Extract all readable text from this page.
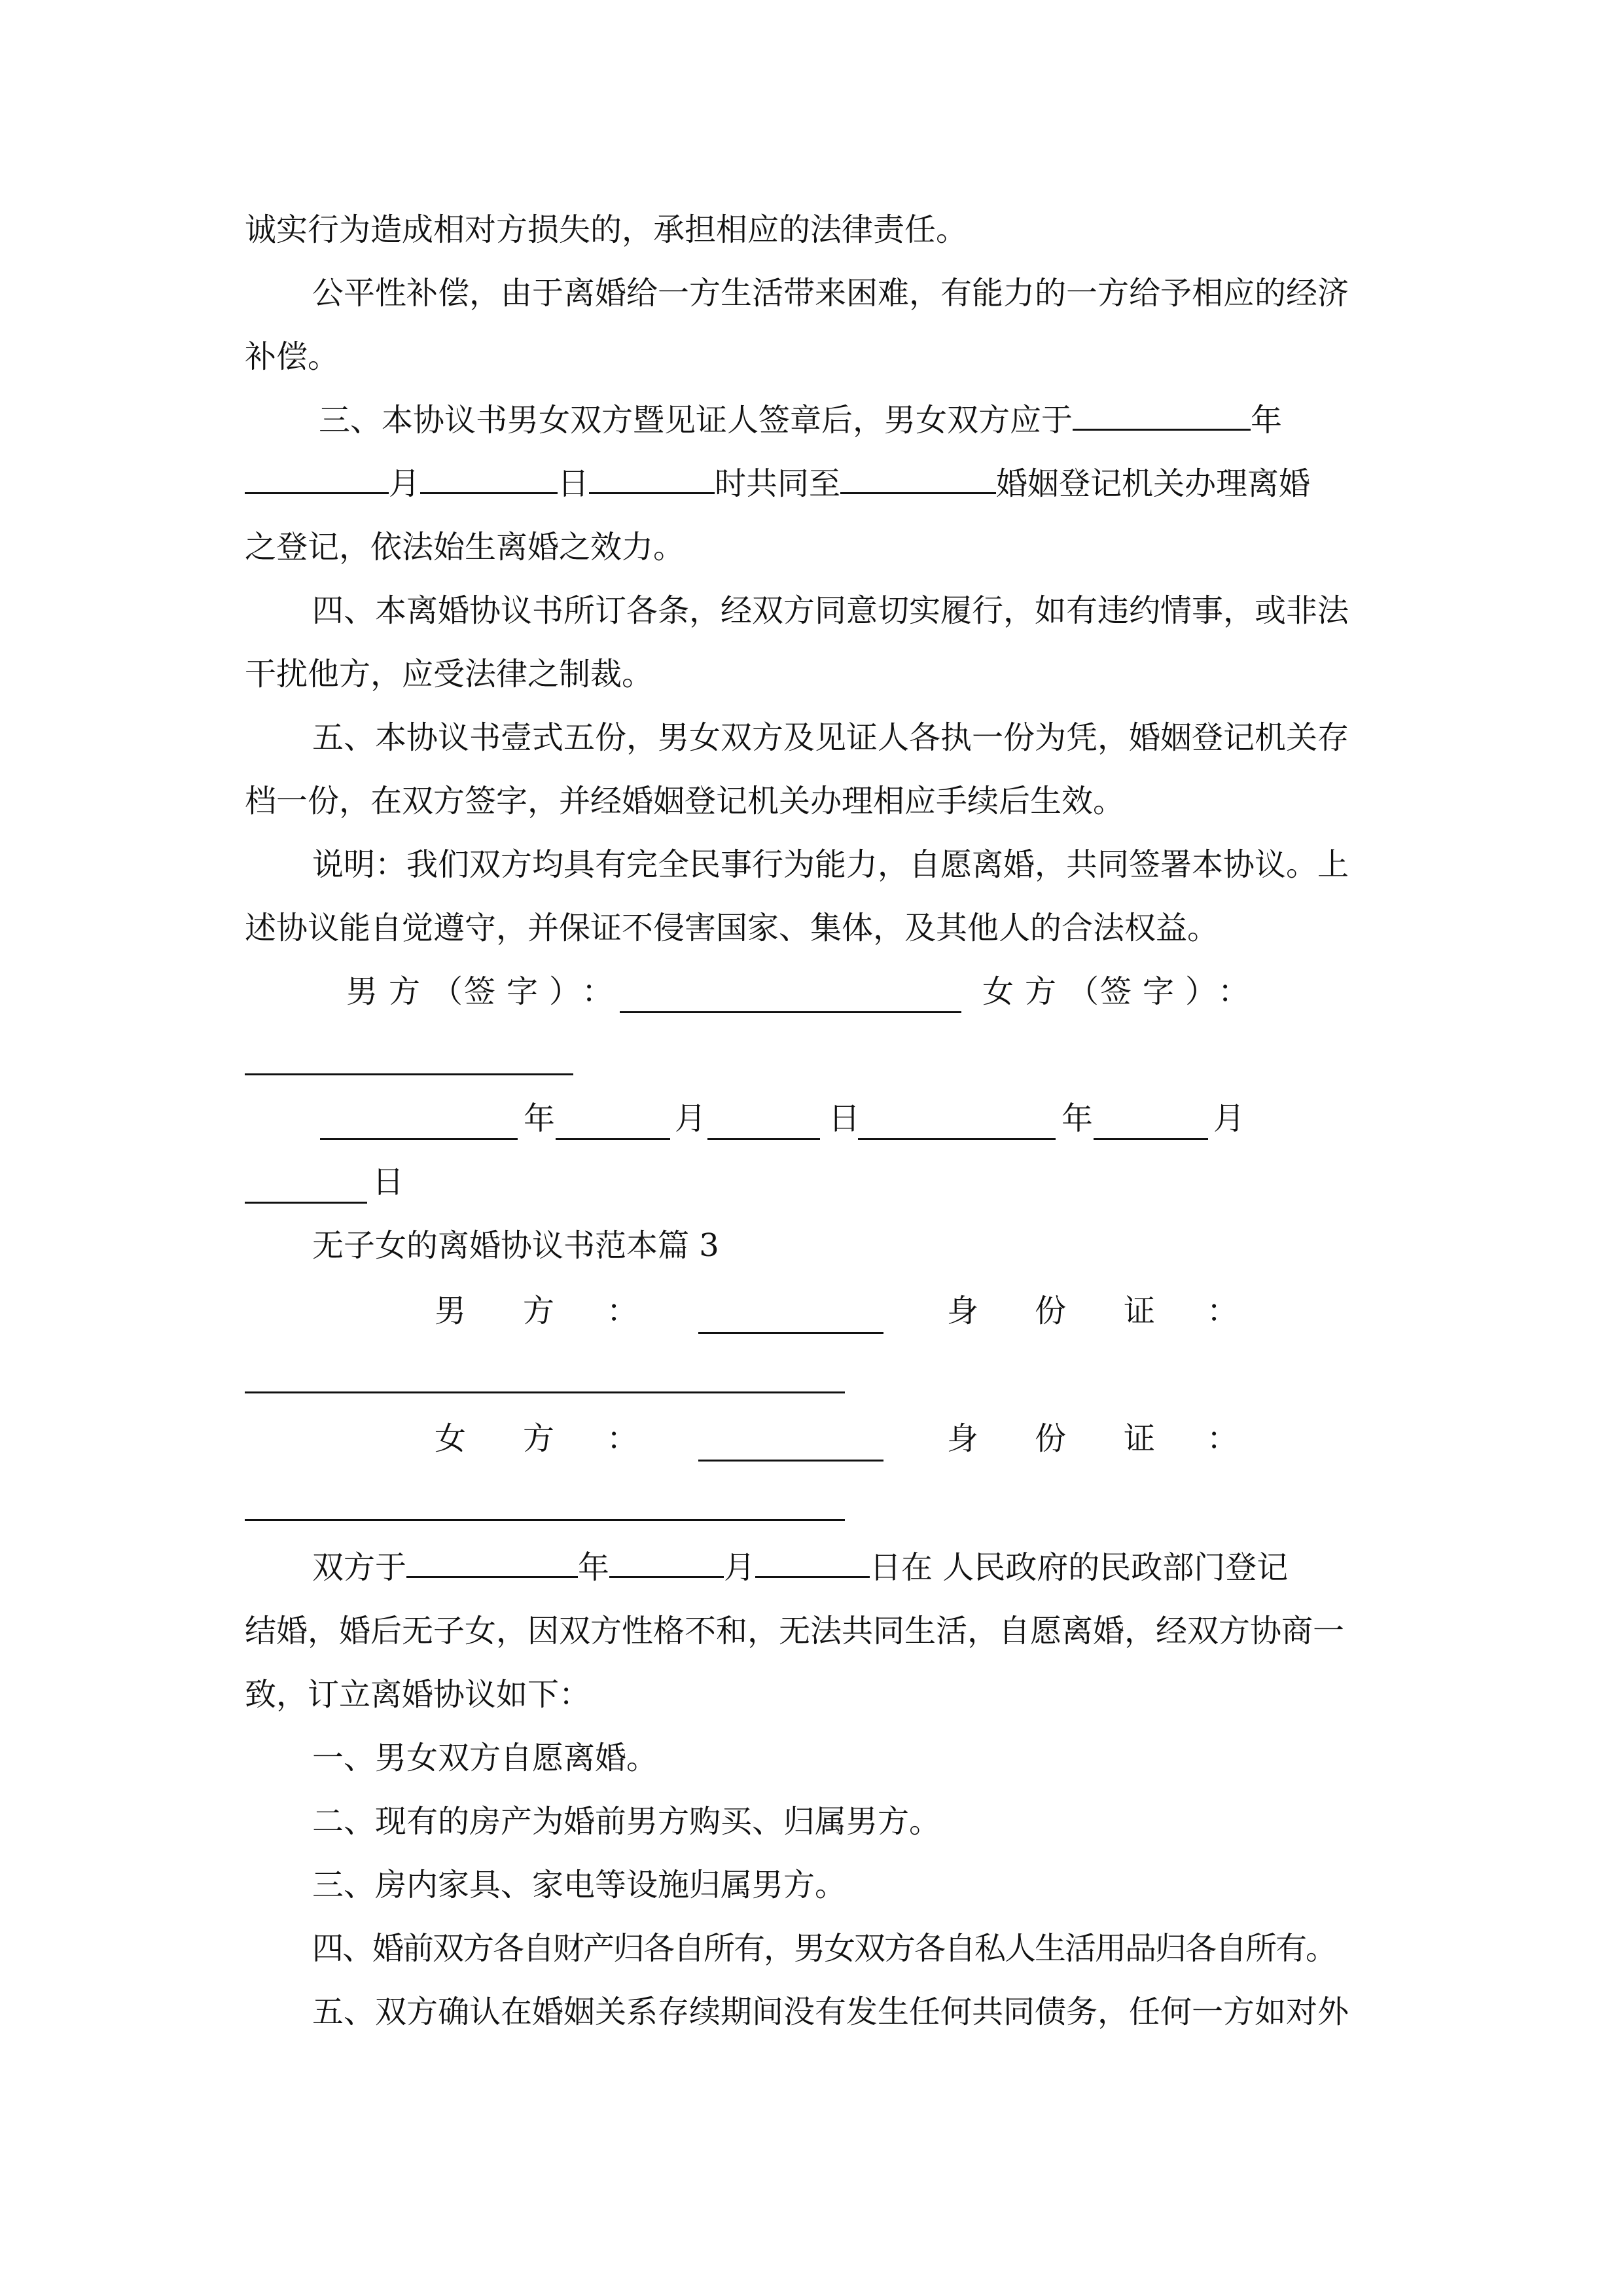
诚实行为造成相对方损失的，承担相应的法律责任。
公平性补偿，由于离婚给一方生活带来困难，有能力的一方给予相应的经济
补偿。
三、本协议书男女双方暨见证人签章后，男女双方应于	年
月	日	时共同至	婚姻登记机关办理离婚
之登记，依法始生离婚之效力。
四、本离婚协议书所订各条，经双方同意切实履行，如有违约情事，或非法
干扰他方，应受法律之制裁。
五、本协议书壹式五份，男女双方及见证人各执一份为凭，婚姻登记机关存
档一份，在双方签字，并经婚姻登记机关办理相应手续后生效。
说明：我们双方均具有完全民事行为能力，自愿离婚，共同签署本协议。上
述协议能自觉遵守，并保证不侵害国家、集体，及其他人的合法权益。
男 方 （签 字 ）：	女 方 （签 字 ）：
年	月	日	年	月
日
无子女的离婚协议书范本篇 3
男 方 ：	身 份 证 ：
女 方 ：	身 份 证 ：
双方于	年	月	日在 人民政府的民政部门登记
结婚，婚后无子女，因双方性格不和，无法共同生活，自愿离婚，经双方协商一
致，订立离婚协议如下：
一、男女双方自愿离婚。
二、现有的房产为婚前男方购买、归属男方。
三、房内家具、家电等设施归属男方。
四、婚前双方各自财产归各自所有，男女双方各自私人生活用品归各自所有。
五、双方确认在婚姻关系存续期间没有发生任何共同债务，任何一方如对外
